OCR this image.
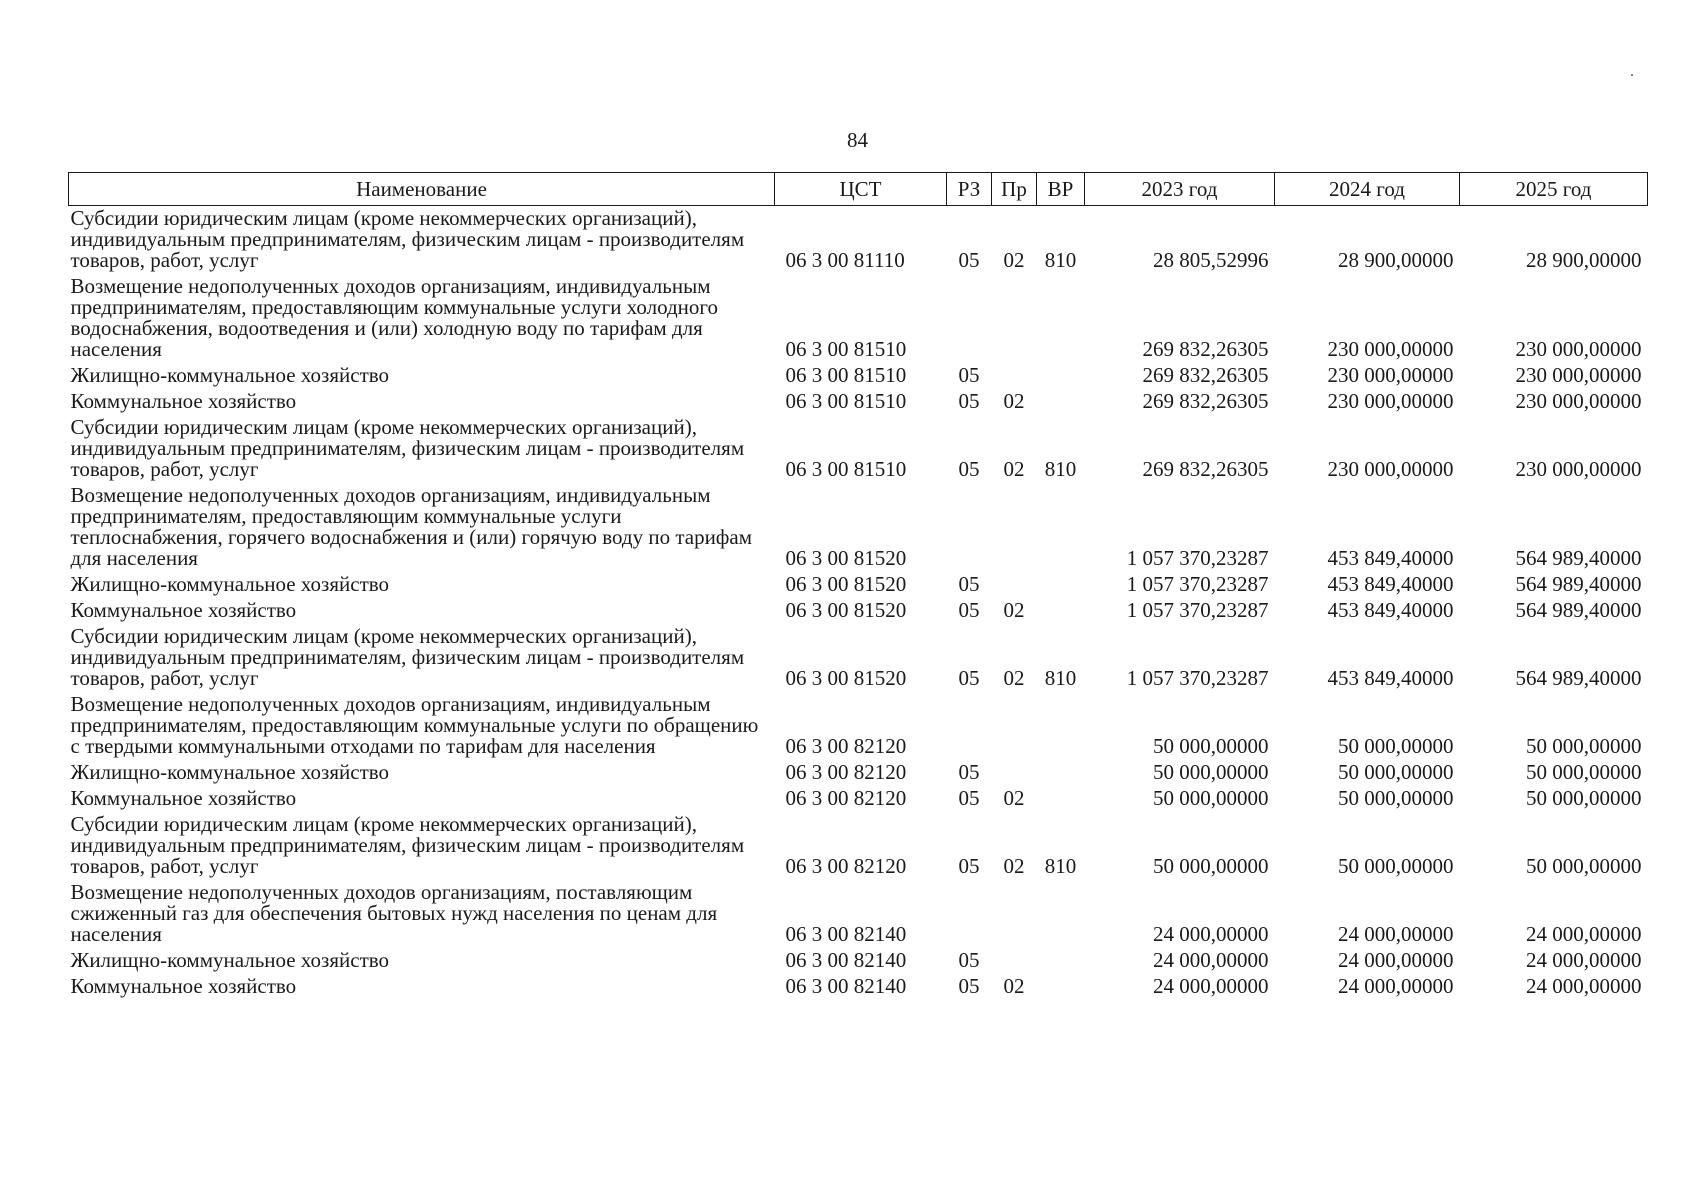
84
Наименование	ЦСТ	РЗ	Пр	ВР	2023 год	2024 год	2025 год
Субсидии юридическим лицам (кроме некоммерческих организаций), индивидуальным предпринимателям, физическим лицам - производителям товаров, работ, услуг	06 3 00 81110	05	02	810	28 805,52996	28 900,00000	28 900,00000
Возмещение недополученных доходов организациям, индивидуальным предпринимателям, предоставляющим коммунальные услуги холодного водоснабжения, водоотведения и (или) холодную воду по тарифам для населения	06 3 00 81510				269 832,26305	230 000,00000	230 000,00000
Жилищно-коммунальное хозяйство	06 3 00 81510	05			269 832,26305	230 000,00000	230 000,00000
Коммунальное хозяйство	06 3 00 81510	05	02		269 832,26305	230 000,00000	230 000,00000
Субсидии юридическим лицам (кроме некоммерческих организаций), индивидуальным предпринимателям, физическим лицам - производителям товаров, работ, услуг	06 3 00 81510	05	02	810	269 832,26305	230 000,00000	230 000,00000
Возмещение недополученных доходов организациям, индивидуальным предпринимателям, предоставляющим коммунальные услуги теплоснабжения, горячего водоснабжения и (или) горячую воду по тарифам для населения	06 3 00 81520				1 057 370,23287	453 849,40000	564 989,40000
Жилищно-коммунальное хозяйство	06 3 00 81520	05			1 057 370,23287	453 849,40000	564 989,40000
Коммунальное хозяйство	06 3 00 81520	05	02		1 057 370,23287	453 849,40000	564 989,40000
Субсидии юридическим лицам (кроме некоммерческих организаций), индивидуальным предпринимателям, физическим лицам - производителям товаров, работ, услуг	06 3 00 81520	05	02	810	1 057 370,23287	453 849,40000	564 989,40000
Возмещение недополученных доходов организациям, индивидуальным предпринимателям, предоставляющим коммунальные услуги по обращению с твердыми коммунальными отходами по тарифам для населения	06 3 00 82120				50 000,00000	50 000,00000	50 000,00000
Жилищно-коммунальное хозяйство	06 3 00 82120	05			50 000,00000	50 000,00000	50 000,00000
Коммунальное хозяйство	06 3 00 82120	05	02		50 000,00000	50 000,00000	50 000,00000
Субсидии юридическим лицам (кроме некоммерческих организаций), индивидуальным предпринимателям, физическим лицам - производителям товаров, работ, услуг	06 3 00 82120	05	02	810	50 000,00000	50 000,00000	50 000,00000
Возмещение недополученных доходов организациям, поставляющим сжиженный газ для обеспечения бытовых нужд населения по ценам для населения	06 3 00 82140				24 000,00000	24 000,00000	24 000,00000
Жилищно-коммунальное хозяйство	06 3 00 82140	05			24 000,00000	24 000,00000	24 000,00000
Коммунальное хозяйство	06 3 00 82140	05	02		24 000,00000	24 000,00000	24 000,00000
